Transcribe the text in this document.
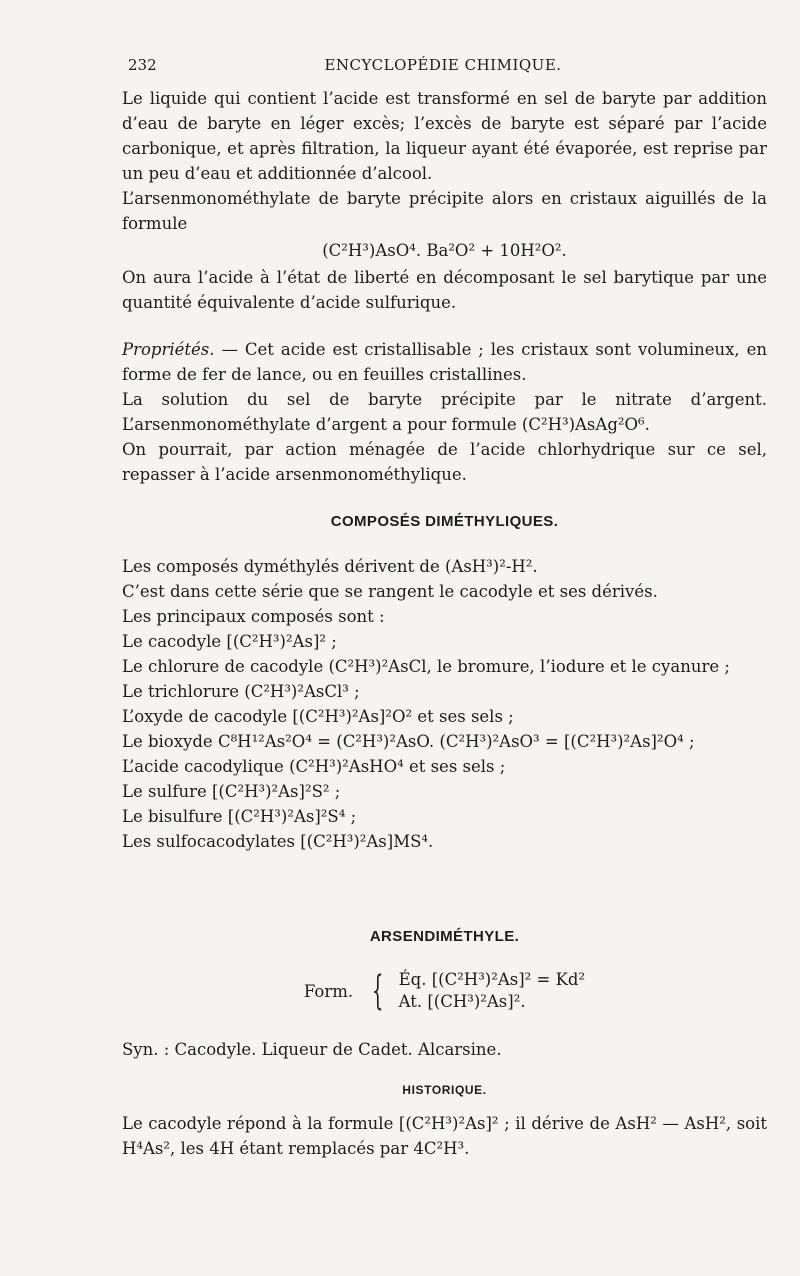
232	ENCYCLOPÉDIE CHIMIQUE.

Le liquide qui contient l’acide est transformé en sel de baryte par addition d’eau de baryte en léger excès; l’excès de baryte est séparé par l’acide carbonique, et après filtration, la liqueur ayant été évaporée, est reprise par un peu d’eau et additionnée d’alcool.

L’arsenmonométhylate de baryte précipite alors en cristaux aiguillés de la formule

(C²H³)AsO⁴. Ba²O² + 10H²O².

On aura l’acide à l’état de liberté en décomposant le sel barytique par une quantité équivalente d’acide sulfurique.

Propriétés. — Cet acide est cristallisable ; les cristaux sont volumineux, en forme de fer de lance, ou en feuilles cristallines.

La solution du sel de baryte précipite par le nitrate d’argent. L’arsenmonométhylate d’argent a pour formule (C²H³)AsAg²O⁶.

On pourrait, par action ménagée de l’acide chlorhydrique sur ce sel, repasser à l’acide arsenmonométhylique.

COMPOSÉS DIMÉTHYLIQUES.

Les composés dyméthylés dérivent de (AsH³)²-H².

C’est dans cette série que se rangent le cacodyle et ses dérivés.

Les principaux composés sont :

Le cacodyle [(C²H³)²As]² ;

Le chlorure de cacodyle (C²H³)²AsCl, le bromure, l’iodure et le cyanure ;

Le trichlorure (C²H³)²AsCl³ ;

L’oxyde de cacodyle [(C²H³)²As]²O² et ses sels ;

Le bioxyde C⁸H¹²As²O⁴ = (C²H³)²AsO. (C²H³)²AsO³ = [(C²H³)²As]²O⁴ ;

L’acide cacodylique (C²H³)²AsHO⁴ et ses sels ;

Le sulfure [(C²H³)²As]²S² ;

Le bisulfure [(C²H³)²As]²S⁴ ;

Les sulfocacodylates [(C²H³)²As]MS⁴.

ARSENDIMÉTHYLE.
Form. { Éq. [(C²H³)²As]² = Kd²

At. [(CH³)²As]².

Syn. : Cacodyle. Liqueur de Cadet. Alcarsine.

HISTORIQUE.

Le cacodyle répond à la formule [(C²H³)²As]² ; il dérive de AsH² — AsH², soit H⁴As², les 4H étant remplacés par 4C²H³.
